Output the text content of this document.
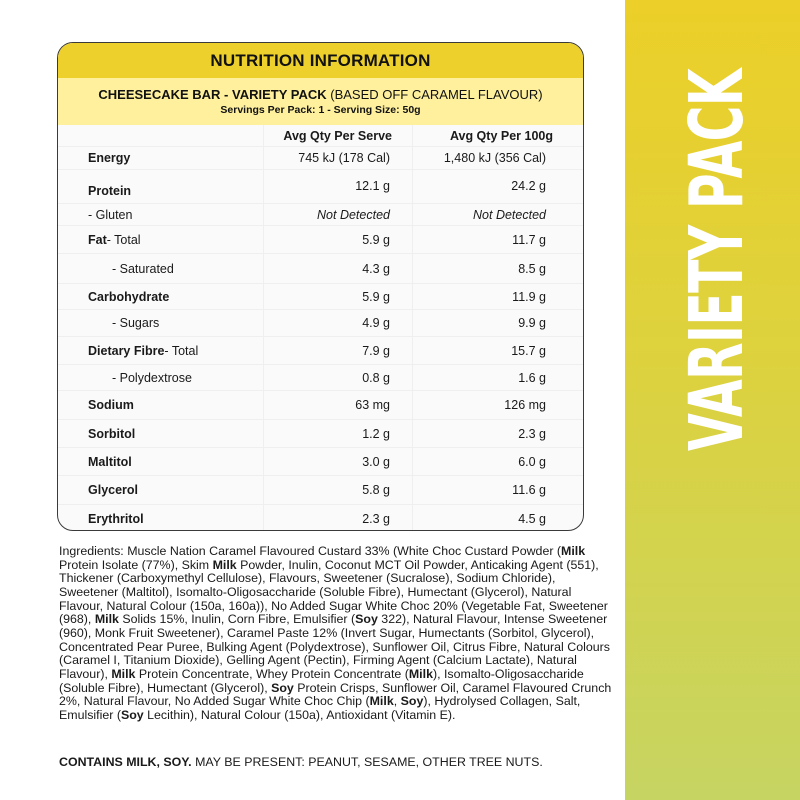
VARIETY PACK
NUTRITION INFORMATION
CHEESECAKE BAR - VARIETY PACK (BASED OFF CARAMEL FLAVOUR)
Servings Per Pack: 1 - Serving Size: 50g
Avg Qty Per Serve	Avg Qty Per 100g
Energy	745 kJ (178 Cal)	1,480 kJ (356 Cal)
Protein	12.1 g	24.2 g
- Gluten	Not Detected	Not Detected
Fat - Total	5.9 g	11.7 g
- Saturated	4.3 g	8.5 g
Carbohydrate	5.9 g	11.9 g
- Sugars	4.9 g	9.9 g
Dietary Fibre - Total	7.9 g	15.7 g
- Polydextrose	0.8 g	1.6 g
Sodium	63 mg	126 mg
Sorbitol	1.2 g	2.3 g
Maltitol	3.0 g	6.0 g
Glycerol	5.8 g	11.6 g
Erythritol	2.3 g	4.5 g
Ingredients: Muscle Nation Caramel Flavoured Custard 33% (White Choc Custard Powder (Milk Protein Isolate (77%), Skim Milk Powder, Inulin, Coconut MCT Oil Powder, Anticaking Agent (551), Thickener (Carboxymethyl Cellulose), Flavours, Sweetener (Sucralose), Sodium Chloride), Sweetener (Maltitol), Isomalto-Oligosaccharide (Soluble Fibre), Humectant (Glycerol), Natural Flavour, Natural Colour (150a, 160a)), No Added Sugar White Choc 20% (Vegetable Fat, Sweetener (968), Milk Solids 15%, Inulin, Corn Fibre, Emulsifier (Soy 322), Natural Flavour, Intense Sweetener (960), Monk Fruit Sweetener), Caramel Paste 12% (Invert Sugar, Humectants (Sorbitol, Glycerol), Concentrated Pear Puree, Bulking Agent (Polydextrose), Sunflower Oil, Citrus Fibre, Natural Colours (Caramel I, Titanium Dioxide), Gelling Agent (Pectin), Firming Agent (Calcium Lactate), Natural Flavour), Milk Protein Concentrate, Whey Protein Concentrate (Milk), Isomalto-Oligosaccharide (Soluble Fibre), Humectant (Glycerol), Soy Protein Crisps, Sunflower Oil, Caramel Flavoured Crunch 2%, Natural Flavour, No Added Sugar White Choc Chip (Milk, Soy), Hydrolysed Collagen, Salt, Emulsifier (Soy Lecithin), Natural Colour (150a), Antioxidant (Vitamin E).
CONTAINS MILK, SOY. MAY BE PRESENT: PEANUT, SESAME, OTHER TREE NUTS.
